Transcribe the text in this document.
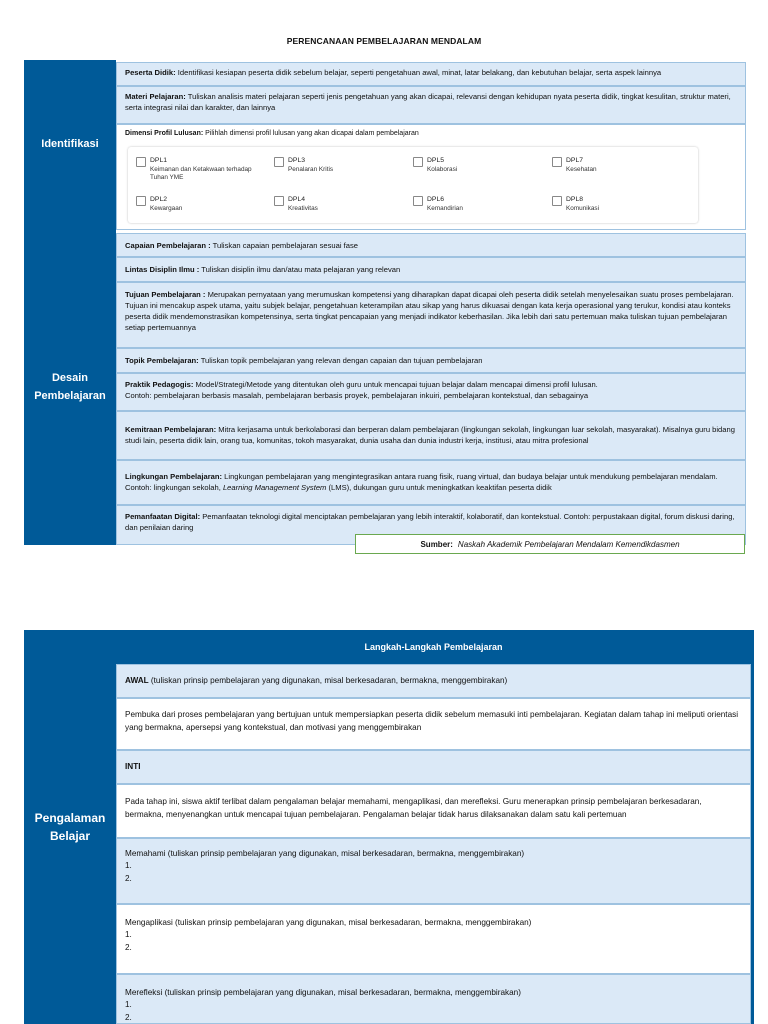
PERENCANAAN PEMBELAJARAN MENDALAM
Identifikasi
Peserta Didik: Identifikasi kesiapan peserta didik sebelum belajar, seperti pengetahuan awal, minat, latar belakang, dan kebutuhan belajar, serta aspek lainnya
Materi Pelajaran: Tuliskan analisis materi pelajaran seperti jenis pengetahuan yang akan dicapai, relevansi dengan kehidupan nyata peserta didik, tingkat kesulitan, struktur materi, serta integrasi nilai dan karakter, dan lainnya
Dimensi Profil Lulusan: Pilihlah dimensi profil lulusan yang akan dicapai dalam pembelajaran
DPL1
Keimanan dan Ketakwaan terhadap Tuhan YME
DPL3
Penalaran Kritis
DPL5
Kolaborasi
DPL7
Kesehatan
DPL2
Kewargaan
DPL4
Kreativitas
DPL6
Kemandirian
DPL8
Komunikasi
Desain
Pembelajaran
Capaian Pembelajaran : Tuliskan capaian pembelajaran sesuai fase
Lintas Disiplin Ilmu : Tuliskan disiplin ilmu dan/atau mata pelajaran yang relevan
Tujuan Pembelajaran : Merupakan pernyataan yang merumuskan kompetensi yang diharapkan dapat dicapai oleh peserta didik setelah menyelesaikan suatu proses pembelajaran. Tujuan ini mencakup aspek utama, yaitu subjek belajar, pengetahuan keterampilan atau sikap yang harus dikuasai dengan kata kerja operasional yang terukur, kondisi atau konteks peserta didik mendemonstrasikan kompetensinya, serta tingkat pencapaian yang menjadi indikator keberhasilan. Jika lebih dari satu pertemuan maka tuliskan tujuan pembelajaran setiap pertemuannya
Topik Pembelajaran: Tuliskan topik pembelajaran yang relevan dengan capaian dan tujuan pembelajaran
Praktik Pedagogis: Model/Strategi/Metode yang ditentukan oleh guru untuk mencapai tujuan belajar dalam mencapai dimensi profil lulusan.
Contoh: pembelajaran berbasis masalah, pembelajaran berbasis proyek, pembelajaran inkuiri, pembelajaran kontekstual, dan sebagainya
Kemitraan Pembelajaran: Mitra kerjasama untuk berkolaborasi dan berperan dalam pembelajaran (lingkungan sekolah, lingkungan luar sekolah, masyarakat). Misalnya guru bidang studi lain, peserta didik lain, orang tua, komunitas, tokoh masyarakat, dunia usaha dan dunia industri kerja, institusi, atau mitra profesional
Lingkungan Pembelajaran: Lingkungan pembelajaran yang mengintegrasikan antara ruang fisik, ruang virtual, dan budaya belajar untuk mendukung pembelajaran mendalam. Contoh: lingkungan sekolah, Learning Management System (LMS), dukungan guru untuk meningkatkan keaktifan peserta didik
Pemanfaatan Digital: Pemanfaatan teknologi digital menciptakan pembelajaran yang lebih interaktif, kolaboratif, dan kontekstual. Contoh: perpustakaan digital, forum diskusi daring, dan penilaian daring
Sumber: Naskah Akademik Pembelajaran Mendalam Kemendikdasmen
Pengalaman
Belajar
Langkah-Langkah Pembelajaran
AWAL (tuliskan prinsip pembelajaran yang digunakan, misal berkesadaran, bermakna, menggembirakan)
Pembuka dari proses pembelajaran yang bertujuan untuk mempersiapkan peserta didik sebelum memasuki inti pembelajaran. Kegiatan dalam tahap ini meliputi orientasi yang bermakna, apersepsi yang kontekstual, dan motivasi yang menggembirakan
INTI
Pada tahap ini, siswa aktif terlibat dalam pengalaman belajar memahami, mengaplikasi, dan merefleksi. Guru menerapkan prinsip pembelajaran berkesadaran, bermakna, menyenangkan untuk mencapai tujuan pembelajaran. Pengalaman belajar tidak harus dilaksanakan dalam satu kali pertemuan
Memahami (tuliskan prinsip pembelajaran yang digunakan, misal berkesadaran, bermakna, menggembirakan)
1.
2.
Mengaplikasi (tuliskan prinsip pembelajaran yang digunakan, misal berkesadaran, bermakna, menggembirakan)
1.
2.
Merefleksi (tuliskan prinsip pembelajaran yang digunakan, misal berkesadaran, bermakna, menggembirakan)
1.
2.
